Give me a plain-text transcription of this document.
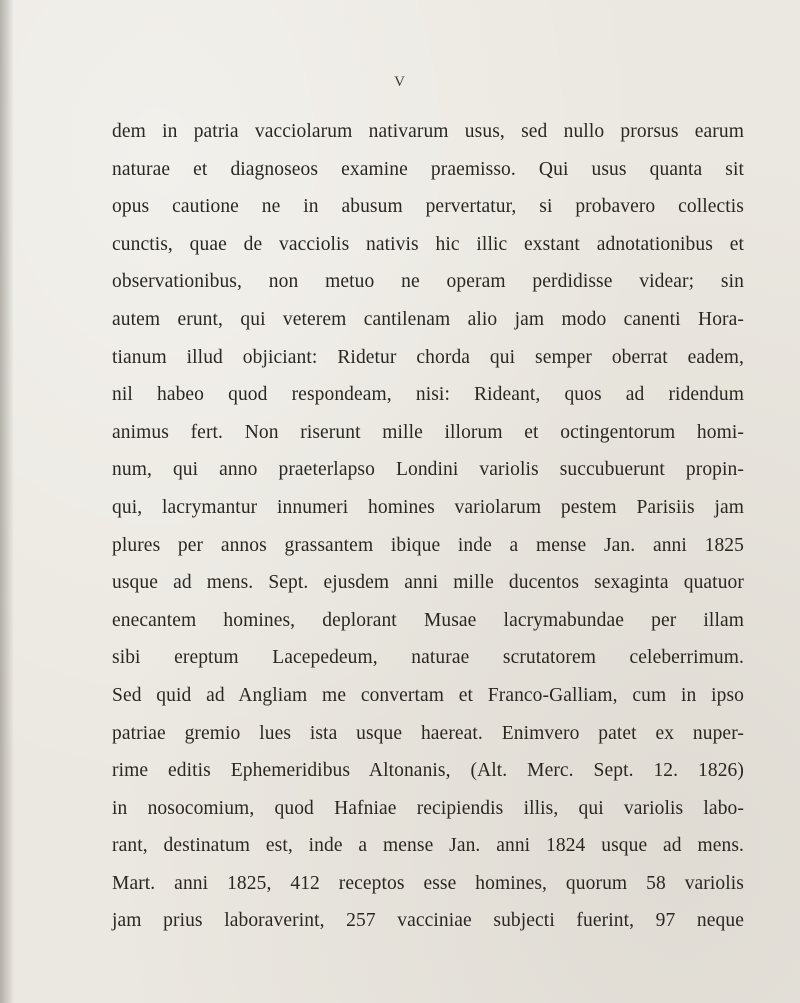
V
dem in patria vacciolarum nativarum usus, sed nullo prorsus earum
naturae et diagnoseos examine praemisso. Qui usus quanta sit
opus cautione ne in abusum pervertatur, si probavero collectis
cunctis, quae de vacciolis nativis hic illic exstant adnotationibus et
observationibus, non metuo ne operam perdidisse videar; sin
autem erunt, qui veterem cantilenam alio jam modo canenti Hora-
tianum illud objiciant: Ridetur chorda qui semper oberrat eadem,
nil habeo quod respondeam, nisi: Rideant, quos ad ridendum
animus fert. Non riserunt mille illorum et octingentorum homi-
num, qui anno praeterlapso Londini variolis succubuerunt propin-
qui, lacrymantur innumeri homines variolarum pestem Parisiis jam
plures per annos grassantem ibique inde a mense Jan. anni 1825
usque ad mens. Sept. ejusdem anni mille ducentos sexaginta quatuor
enecantem homines, deplorant Musae lacrymabundae per illam
sibi ereptum Lacepedeum, naturae scrutatorem celeberrimum.
Sed quid ad Angliam me convertam et Franco-Galliam, cum in ipso
patriae gremio lues ista usque haereat. Enimvero patet ex nuper-
rime editis Ephemeridibus Altonanis, (Alt. Merc. Sept. 12. 1826)
in nosocomium, quod Hafniae recipiendis illis, qui variolis labo-
rant, destinatum est, inde a mense Jan. anni 1824 usque ad mens.
Mart. anni 1825, 412 receptos esse homines, quorum 58 variolis
jam prius laboraverint, 257 vacciniae subjecti fuerint, 97 neque
